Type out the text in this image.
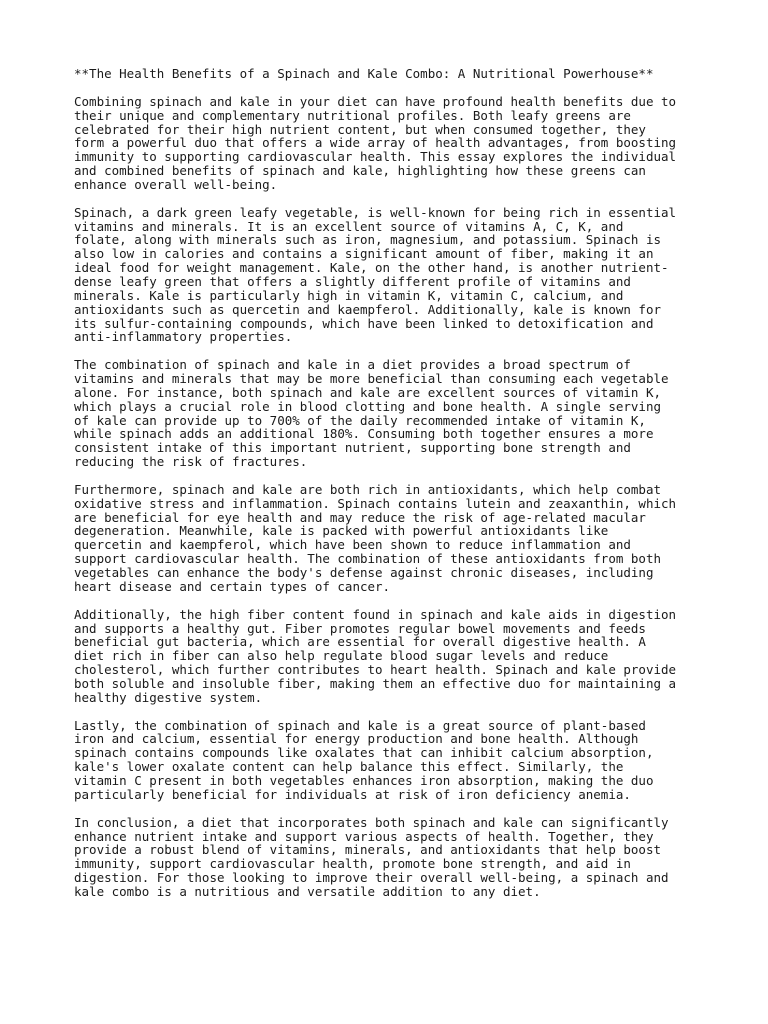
**The Health Benefits of a Spinach and Kale Combo: A Nutritional Powerhouse**
Combining spinach and kale in your diet can have profound health benefits due to
their unique and complementary nutritional profiles. Both leafy greens are
celebrated for their high nutrient content, but when consumed together, they
form a powerful duo that offers a wide array of health advantages, from boosting
immunity to supporting cardiovascular health. This essay explores the individual
and combined benefits of spinach and kale, highlighting how these greens can
enhance overall well-being.
Spinach, a dark green leafy vegetable, is well-known for being rich in essential
vitamins and minerals. It is an excellent source of vitamins A, C, K, and
folate, along with minerals such as iron, magnesium, and potassium. Spinach is
also low in calories and contains a significant amount of fiber, making it an
ideal food for weight management. Kale, on the other hand, is another nutrient-
dense leafy green that offers a slightly different profile of vitamins and
minerals. Kale is particularly high in vitamin K, vitamin C, calcium, and
antioxidants such as quercetin and kaempferol. Additionally, kale is known for
its sulfur-containing compounds, which have been linked to detoxification and
anti-inflammatory properties.
The combination of spinach and kale in a diet provides a broad spectrum of
vitamins and minerals that may be more beneficial than consuming each vegetable
alone. For instance, both spinach and kale are excellent sources of vitamin K,
which plays a crucial role in blood clotting and bone health. A single serving
of kale can provide up to 700% of the daily recommended intake of vitamin K,
while spinach adds an additional 180%. Consuming both together ensures a more
consistent intake of this important nutrient, supporting bone strength and
reducing the risk of fractures.
Furthermore, spinach and kale are both rich in antioxidants, which help combat
oxidative stress and inflammation. Spinach contains lutein and zeaxanthin, which
are beneficial for eye health and may reduce the risk of age-related macular
degeneration. Meanwhile, kale is packed with powerful antioxidants like
quercetin and kaempferol, which have been shown to reduce inflammation and
support cardiovascular health. The combination of these antioxidants from both
vegetables can enhance the body's defense against chronic diseases, including
heart disease and certain types of cancer.
Additionally, the high fiber content found in spinach and kale aids in digestion
and supports a healthy gut. Fiber promotes regular bowel movements and feeds
beneficial gut bacteria, which are essential for overall digestive health. A
diet rich in fiber can also help regulate blood sugar levels and reduce
cholesterol, which further contributes to heart health. Spinach and kale provide
both soluble and insoluble fiber, making them an effective duo for maintaining a
healthy digestive system.
Lastly, the combination of spinach and kale is a great source of plant-based
iron and calcium, essential for energy production and bone health. Although
spinach contains compounds like oxalates that can inhibit calcium absorption,
kale's lower oxalate content can help balance this effect. Similarly, the
vitamin C present in both vegetables enhances iron absorption, making the duo
particularly beneficial for individuals at risk of iron deficiency anemia.
In conclusion, a diet that incorporates both spinach and kale can significantly
enhance nutrient intake and support various aspects of health. Together, they
provide a robust blend of vitamins, minerals, and antioxidants that help boost
immunity, support cardiovascular health, promote bone strength, and aid in
digestion. For those looking to improve their overall well-being, a spinach and
kale combo is a nutritious and versatile addition to any diet.
